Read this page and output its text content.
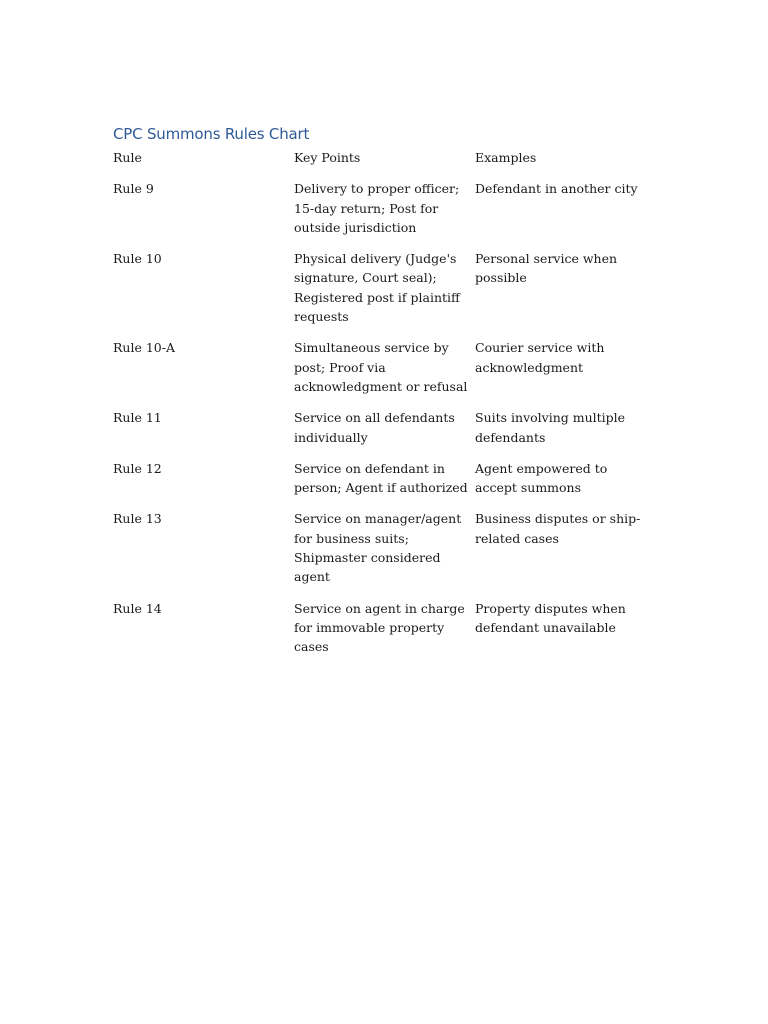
CPC Summons Rules Chart
Rule	Key Points	Examples
Rule 9	Delivery to proper officer; 15-day return; Post for outside jurisdiction	Defendant in another city
Rule 10	Physical delivery (Judge's signature, Court seal); Registered post if plaintiff requests	Personal service when possible
Rule 10-A	Simultaneous service by post; Proof via acknowledgment or refusal	Courier service with acknowledgment
Rule 11	Service on all defendants individually	Suits involving multiple defendants
Rule 12	Service on defendant in person; Agent if authorized	Agent empowered to accept summons
Rule 13	Service on manager/agent for business suits; Shipmaster considered agent	Business disputes or ship-related cases
Rule 14	Service on agent in charge for immovable property cases	Property disputes when defendant unavailable
